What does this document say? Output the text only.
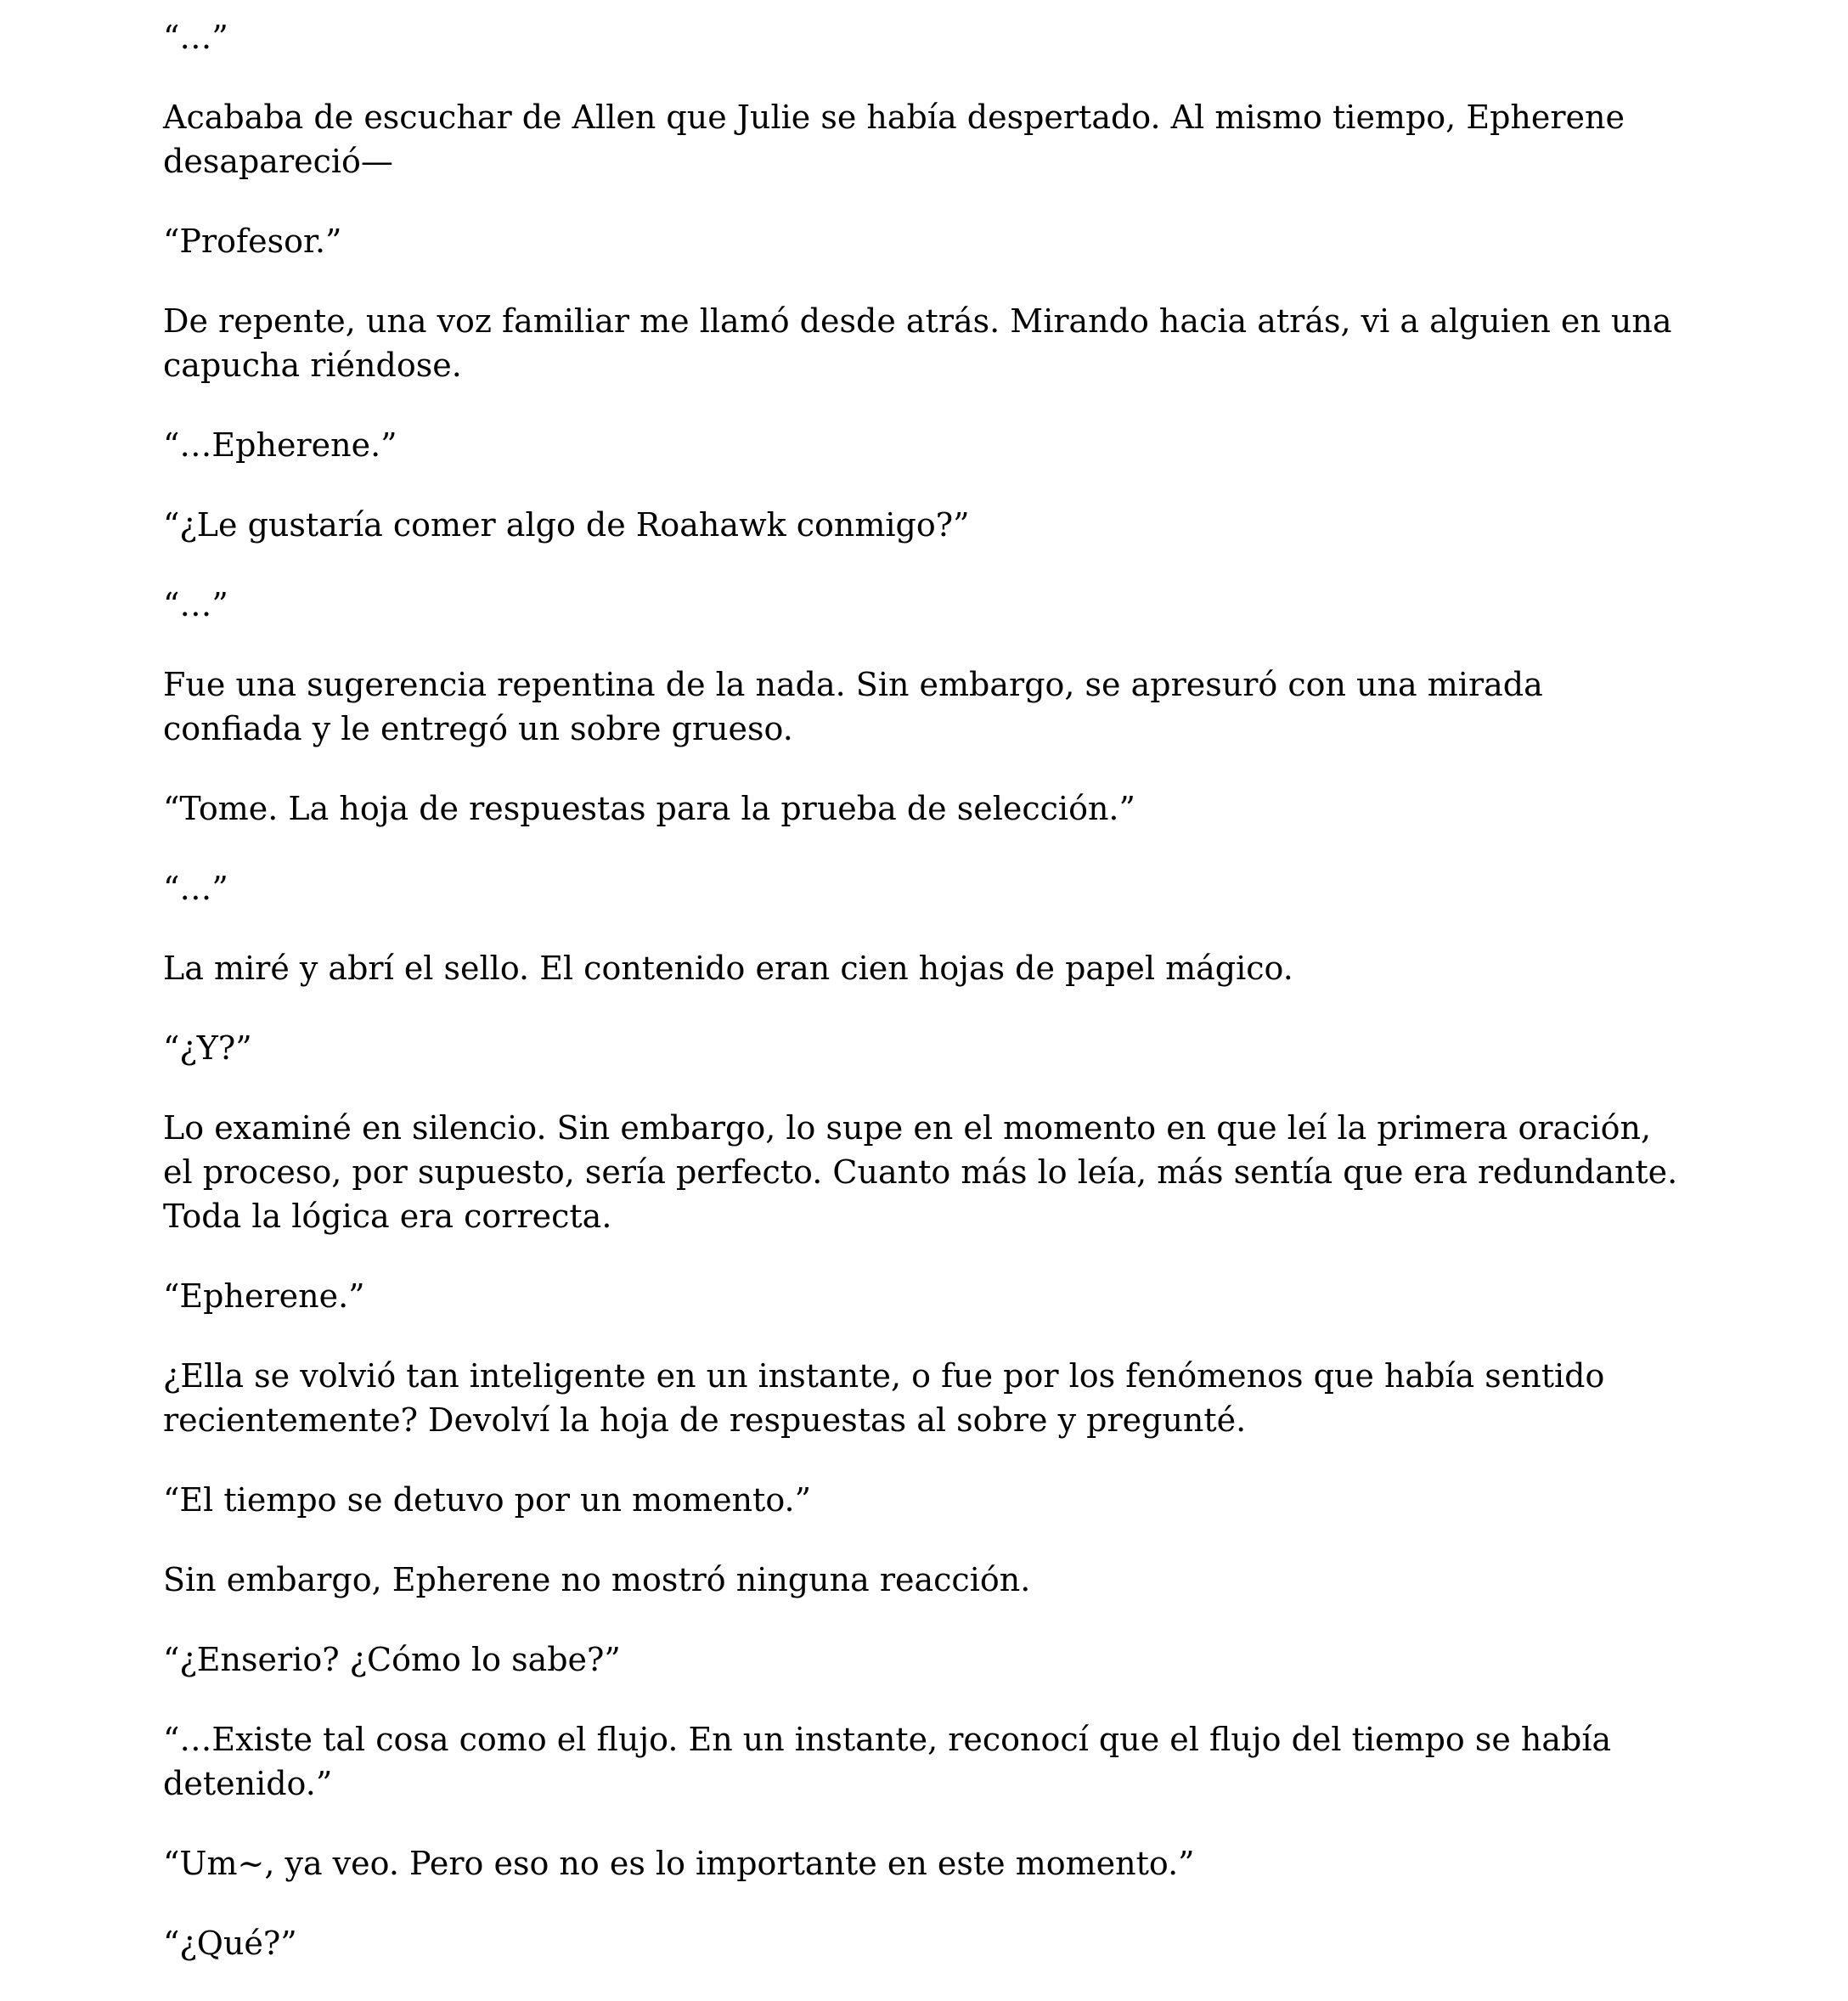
“…”

Acababa de escuchar de Allen que Julie se había despertado. Al mismo tiempo, Epherene desapareció—

“Profesor.”

De repente, una voz familiar me llamó desde atrás. Mirando hacia atrás, vi a alguien en una capucha riéndose.

“…Epherene.”

“¿Le gustaría comer algo de Roahawk conmigo?”

“…”

Fue una sugerencia repentina de la nada. Sin embargo, se apresuró con una mirada confiada y le entregó un sobre grueso.

“Tome. La hoja de respuestas para la prueba de selección.”

“…”

La miré y abrí el sello. El contenido eran cien hojas de papel mágico.

“¿Y?”

Lo examiné en silencio. Sin embargo, lo supe en el momento en que leí la primera oración, el proceso, por supuesto, sería perfecto. Cuanto más lo leía, más sentía que era redundante. Toda la lógica era correcta.

“Epherene.”

¿Ella se volvió tan inteligente en un instante, o fue por los fenómenos que había sentido recientemente? Devolví la hoja de respuestas al sobre y pregunté.

“El tiempo se detuvo por un momento.”

Sin embargo, Epherene no mostró ninguna reacción.

“¿Enserio? ¿Cómo lo sabe?”

“…Existe tal cosa como el flujo. En un instante, reconocí que el flujo del tiempo se había detenido.”

“Um~, ya veo. Pero eso no es lo importante en este momento.”

“¿Qué?”
